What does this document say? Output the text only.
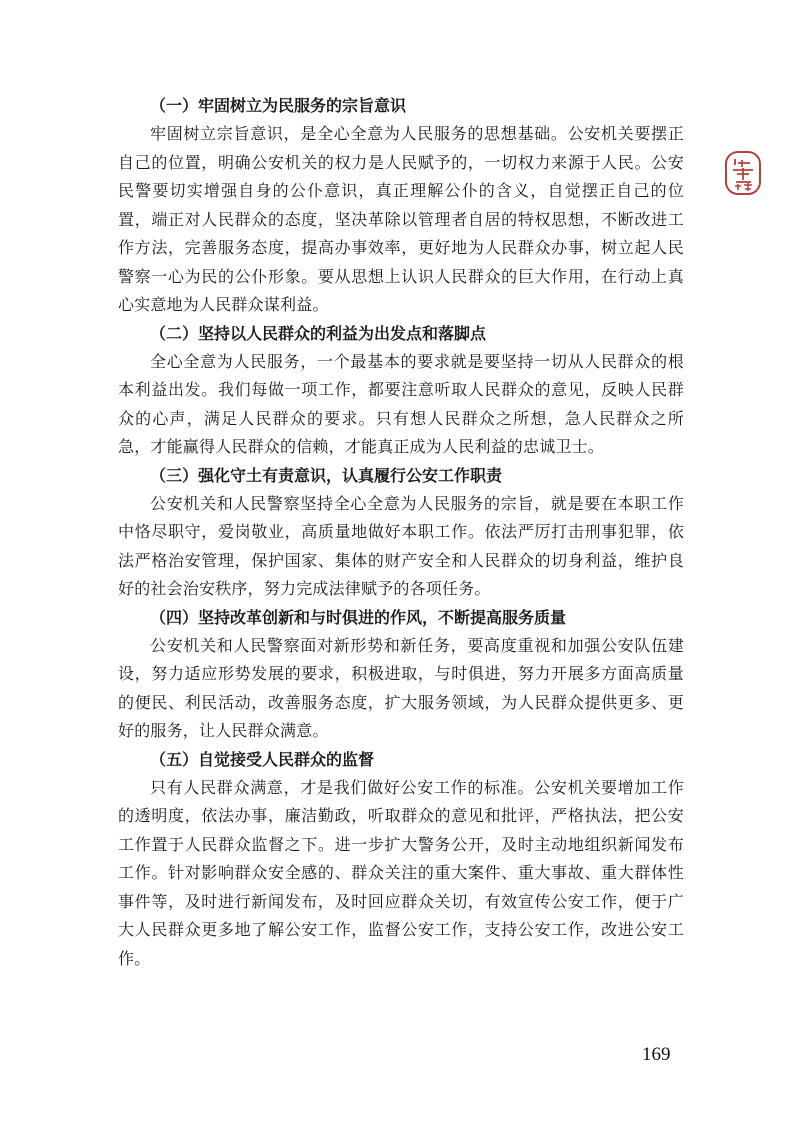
（一）牢固树立为民服务的宗旨意识

牢固树立宗旨意识，是全心全意为人民服务的思想基础。公安机关要摆正自己的位置，明确公安机关的权力是人民赋予的，一切权力来源于人民。公安民警要切实增强自身的公仆意识，真正理解公仆的含义，自觉摆正自己的位置，端正对人民群众的态度，坚决革除以管理者自居的特权思想，不断改进工作方法，完善服务态度，提高办事效率，更好地为人民群众办事，树立起人民警察一心为民的公仆形象。要从思想上认识人民群众的巨大作用，在行动上真心实意地为人民群众谋利益。

（二）坚持以人民群众的利益为出发点和落脚点

全心全意为人民服务，一个最基本的要求就是要坚持一切从人民群众的根本利益出发。我们每做一项工作，都要注意听取人民群众的意见，反映人民群众的心声，满足人民群众的要求。只有想人民群众之所想，急人民群众之所急，才能赢得人民群众的信赖，才能真正成为人民利益的忠诚卫士。

（三）强化守土有责意识，认真履行公安工作职责

公安机关和人民警察坚持全心全意为人民服务的宗旨，就是要在本职工作中恪尽职守，爱岗敬业，高质量地做好本职工作。依法严厉打击刑事犯罪，依法严格治安管理，保护国家、集体的财产安全和人民群众的切身利益，维护良好的社会治安秩序，努力完成法律赋予的各项任务。

（四）坚持改革创新和与时俱进的作风，不断提高服务质量

公安机关和人民警察面对新形势和新任务，要高度重视和加强公安队伍建设，努力适应形势发展的要求，积极进取，与时俱进，努力开展多方面高质量的便民、利民活动，改善服务态度，扩大服务领域，为人民群众提供更多、更好的服务，让人民群众满意。

（五）自觉接受人民群众的监督

只有人民群众满意，才是我们做好公安工作的标准。公安机关要增加工作的透明度，依法办事，廉洁勤政，听取群众的意见和批评，严格执法，把公安工作置于人民群众监督之下。进一步扩大警务公开，及时主动地组织新闻发布工作。针对影响群众安全感的、群众关注的重大案件、重大事故、重大群体性事件等，及时进行新闻发布，及时回应群众关切，有效宣传公安工作，便于广大人民群众更多地了解公安工作，监督公安工作，支持公安工作，改进公安工作。

169
